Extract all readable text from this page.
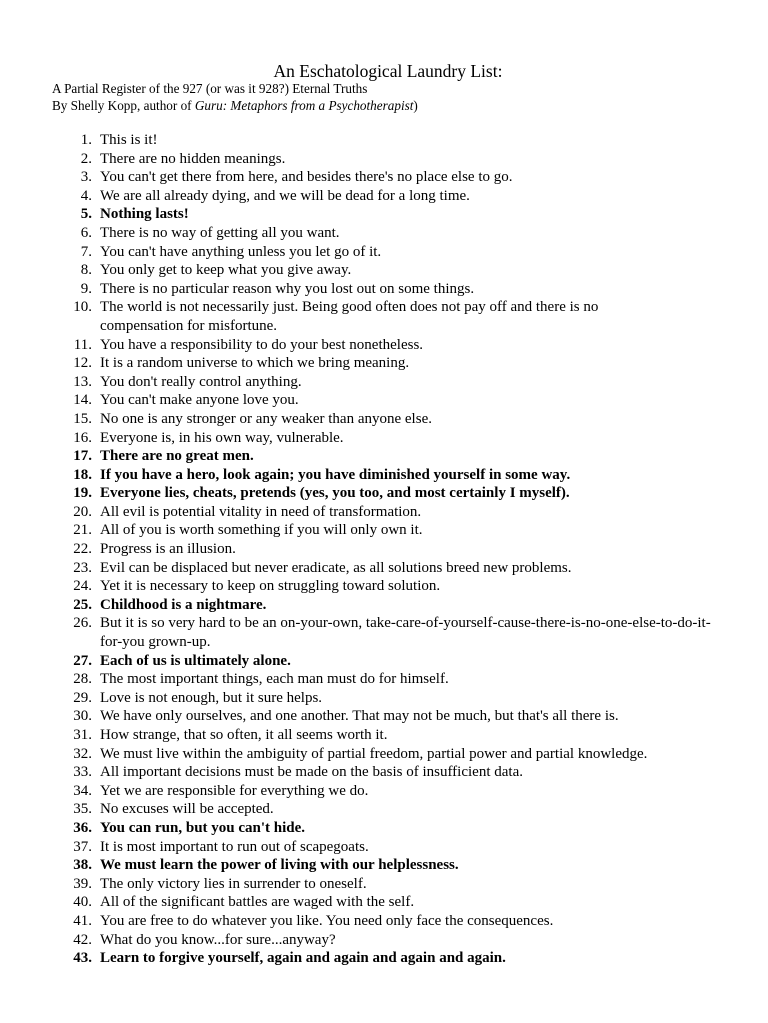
An Eschatological Laundry List:

A Partial Register of the 927 (or was it 928?) Eternal Truths

By Shelly Kopp, author of Guru: Metaphors from a Psychotherapist)

1. This is it!
2. There are no hidden meanings.
3. You can't get there from here, and besides there's no place else to go.
4. We are all already dying, and we will be dead for a long time.
5. Nothing lasts!
6. There is no way of getting all you want.
7. You can't have anything unless you let go of it.
8. You only get to keep what you give away.
9. There is no particular reason why you lost out on some things.
10. The world is not necessarily just. Being good often does not pay off and there is no compensation for misfortune.
11. You have a responsibility to do your best nonetheless.
12. It is a random universe to which we bring meaning.
13. You don't really control anything.
14. You can't make anyone love you.
15. No one is any stronger or any weaker than anyone else.
16. Everyone is, in his own way, vulnerable.
17. There are no great men.
18. If you have a hero, look again; you have diminished yourself in some way.
19. Everyone lies, cheats, pretends (yes, you too, and most certainly I myself).
20. All evil is potential vitality in need of transformation.
21. All of you is worth something if you will only own it.
22. Progress is an illusion.
23. Evil can be displaced but never eradicate, as all solutions breed new problems.
24. Yet it is necessary to keep on struggling toward solution.
25. Childhood is a nightmare.
26. But it is so very hard to be an on-your-own, take-care-of-yourself-cause-there-is-no-one-else-to-do-it-for-you grown-up.
27. Each of us is ultimately alone.
28. The most important things, each man must do for himself.
29. Love is not enough, but it sure helps.
30. We have only ourselves, and one another. That may not be much, but that's all there is.
31. How strange, that so often, it all seems worth it.
32. We must live within the ambiguity of partial freedom, partial power and partial knowledge.
33. All important decisions must be made on the basis of insufficient data.
34. Yet we are responsible for everything we do.
35. No excuses will be accepted.
36. You can run, but you can't hide.
37. It is most important to run out of scapegoats.
38. We must learn the power of living with our helplessness.
39. The only victory lies in surrender to oneself.
40. All of the significant battles are waged with the self.
41. You are free to do whatever you like. You need only face the consequences.
42. What do you know...for sure...anyway?
43. Learn to forgive yourself, again and again and again and again.
